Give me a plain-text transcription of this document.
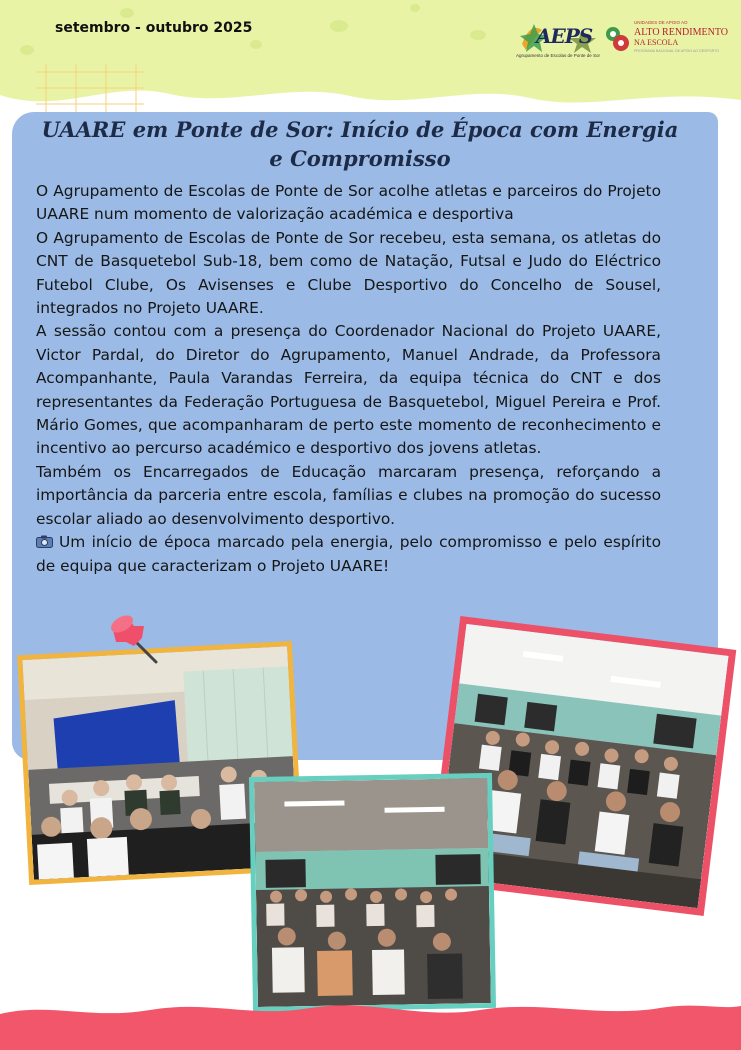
setembro - outubro 2025	AEPS
Agrupamento de Escolas de Ponte de Sor
UNIDADES DE APOIO AO
ALTO RENDIMENTO
NA ESCOLA
PROGRAMA NACIONAL DE APOIO AO DESPORTO
UAARE em Ponte de Sor: Início de Época com Energia e Compromisso

O Agrupamento de Escolas de Ponte de Sor acolhe atletas e parceiros do Projeto UAARE num momento de valorização académica e desportiva

O Agrupamento de Escolas de Ponte de Sor recebeu, esta semana, os atletas do CNT de Basquetebol Sub-18, bem como de Natação, Futsal e Judo do Eléctrico Futebol Clube, Os Avisenses e Clube Desportivo do Concelho de Sousel, integrados no Projeto UAARE.

A sessão contou com a presença do Coordenador Nacional do Projeto UAARE, Victor Pardal, do Diretor do Agrupamento, Manuel Andrade, da Professora Acompanhante, Paula Varandas Ferreira, da equipa técnica do CNT e dos representantes da Federação Portuguesa de Basquetebol, Miguel Pereira e Prof. Mário Gomes, que acompanharam de perto este momento de reconhecimento e incentivo ao percurso académico e desportivo dos jovens atletas.

Também os Encarregados de Educação marcaram presença, reforçando a importância da parceria entre escola, famílias e clubes na promoção do sucesso escolar aliado ao desenvolvimento desportivo.

Um início de época marcado pela energia, pelo compromisso e pelo espírito de equipa que caracterizam o Projeto UAARE!
